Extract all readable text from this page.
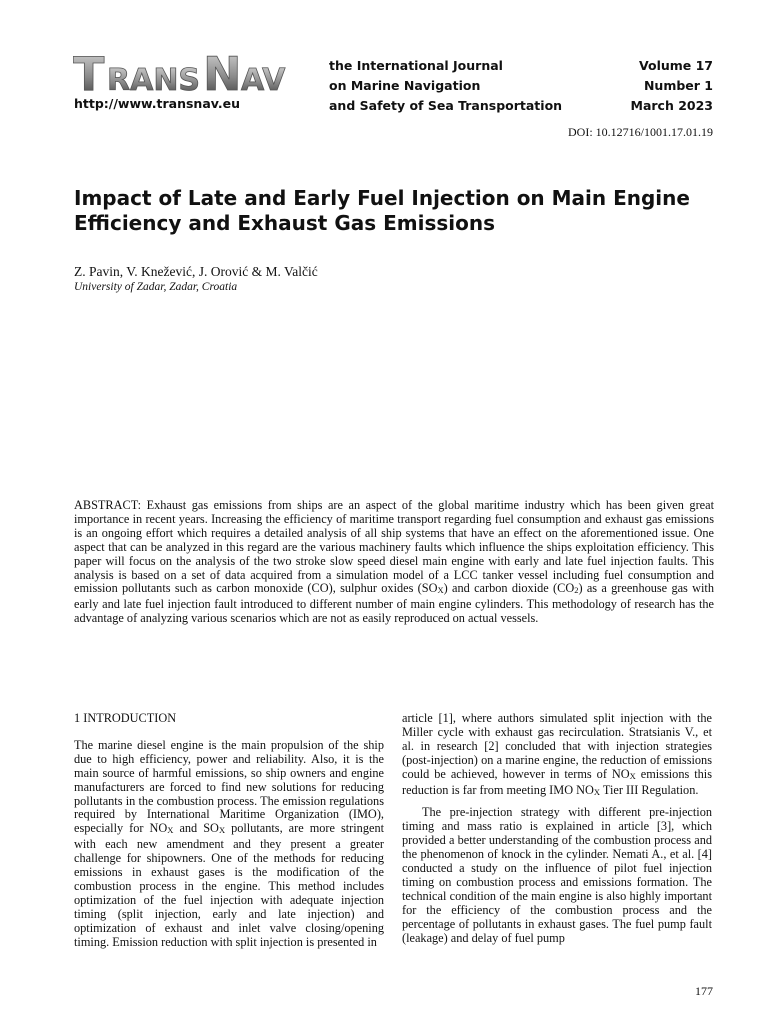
T RANS N AV
http://www.transnav.eu
the International Journal
on Marine Navigation
and Safety of Sea Transportation
Volume 17
Number 1
March 2023
DOI: 10.12716/1001.17.01.19
Impact of Late and Early Fuel Injection on Main Engine Efficiency and Exhaust Gas Emissions
Z. Pavin, V. Knežević, J. Orović & M. Valčić
University of Zadar, Zadar, Croatia
ABSTRACT: Exhaust gas emissions from ships are an aspect of the global maritime industry which has been given great importance in recent years. Increasing the efficiency of maritime transport regarding fuel consumption and exhaust gas emissions is an ongoing effort which requires a detailed analysis of all ship systems that have an effect on the aforementioned issue. One aspect that can be analyzed in this regard are the various machinery faults which influence the ships exploitation efficiency. This paper will focus on the analysis of the two stroke slow speed diesel main engine with early and late fuel injection faults. This analysis is based on a set of data acquired from a simulation model of a LCC tanker vessel including fuel consumption and emission pollutants such as carbon monoxide (CO), sulphur oxides (SOX) and carbon dioxide (CO2) as a greenhouse gas with early and late fuel injection fault introduced to different number of main engine cylinders. This methodology of research has the advantage of analyzing various scenarios which are not as easily reproduced on actual vessels.
1 INTRODUCTION

The marine diesel engine is the main propulsion of the ship due to high efficiency, power and reliability. Also, it is the main source of harmful emissions, so ship owners and engine manufacturers are forced to find new solutions for reducing pollutants in the combustion process. The emission regulations required by International Maritime Organization (IMO), especially for NOX and SOX pollutants, are more stringent with each new amendment and they present a greater challenge for shipowners. One of the methods for reducing emissions in exhaust gases is the modification of the combustion process in the engine. This method includes optimization of the fuel injection with adequate injection timing (split injection, early and late injection) and optimization of exhaust and inlet valve closing/opening timing. Emission reduction with split injection is presented in

article [1], where authors simulated split injection with the Miller cycle with exhaust gas recirculation. Stratsianis V., et al. in research [2] concluded that with injection strategies (post-injection) on a marine engine, the reduction of emissions could be achieved, however in terms of NOX emissions this reduction is far from meeting IMO NOX Tier III Regulation.

The pre-injection strategy with different pre-injection timing and mass ratio is explained in article [3], which provided a better understanding of the combustion process and the phenomenon of knock in the cylinder. Nemati A., et al. [4] conducted a study on the influence of pilot fuel injection timing on combustion process and emissions formation. The technical condition of the main engine is also highly important for the efficiency of the combustion process and the percentage of pollutants in exhaust gases. The fuel pump fault (leakage) and delay of fuel pump

177
